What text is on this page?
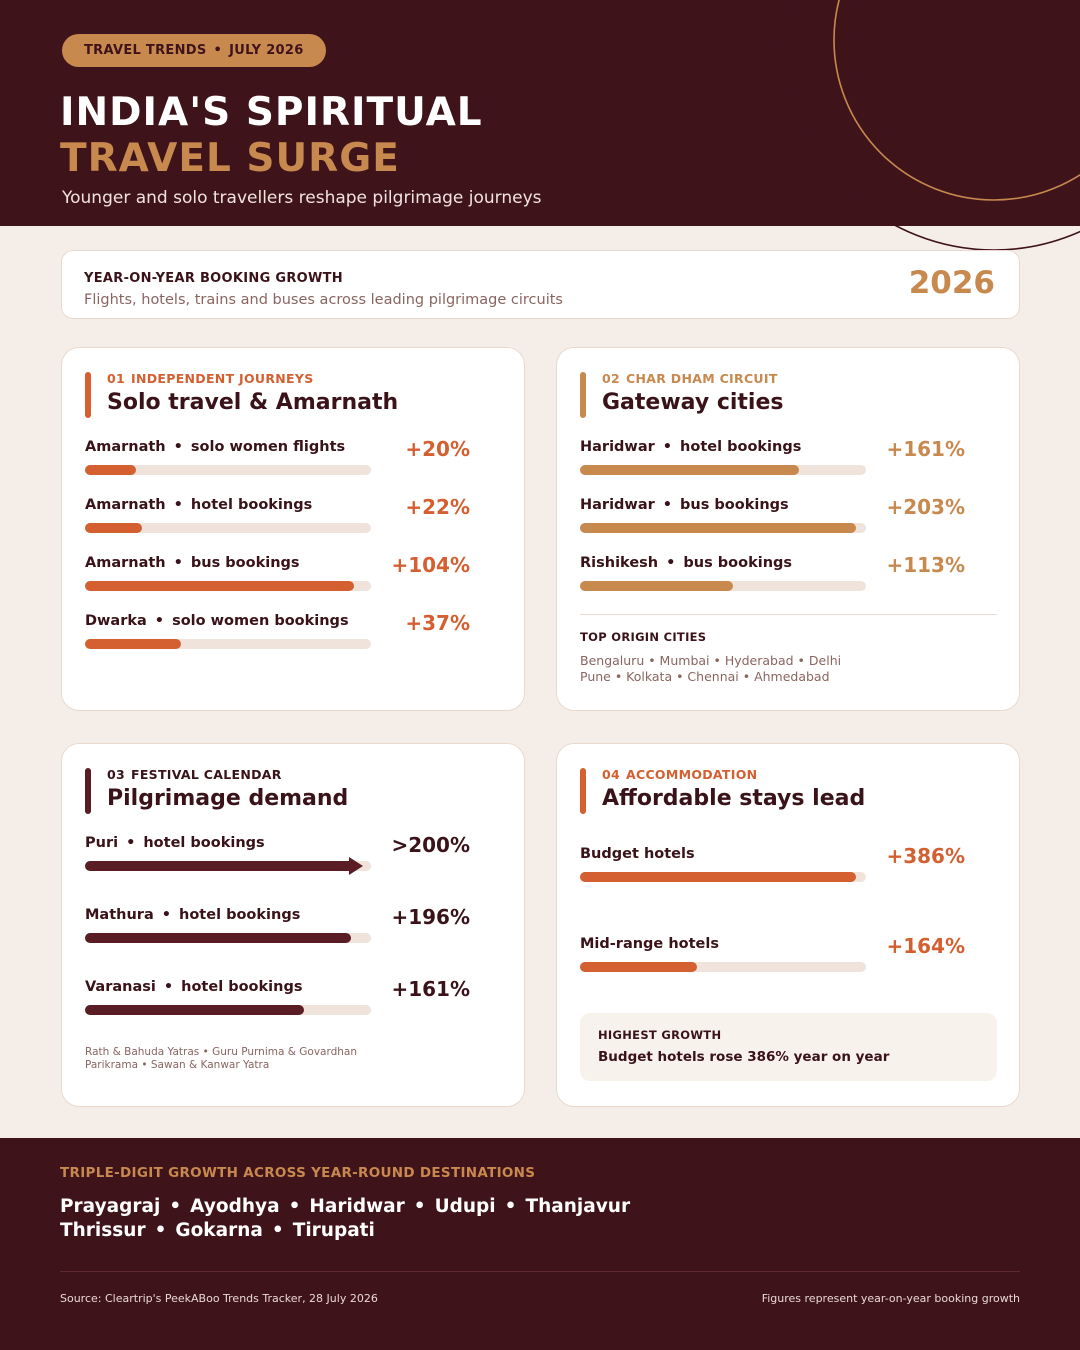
TRAVEL TRENDS • JULY 2026
INDIA'S SPIRITUAL
TRAVEL SURGE
Younger and solo travellers reshape pilgrimage journeys
YEAR-ON-YEAR BOOKING GROWTH
Flights, hotels, trains and buses across leading pilgrimage circuits	2026
01 INDEPENDENT JOURNEYS
Solo travel & Amarnath
Amarnath • solo women flights	+20%
Amarnath • hotel bookings	+22%
Amarnath • bus bookings	+104%
Dwarka • solo women bookings	+37%
02 CHAR DHAM CIRCUIT
Gateway cities
Haridwar • hotel bookings	+161%
Haridwar • bus bookings	+203%
Rishikesh • bus bookings	+113%
TOP ORIGIN CITIES
Bengaluru • Mumbai • Hyderabad • Delhi
Pune • Kolkata • Chennai • Ahmedabad
03 FESTIVAL CALENDAR
Pilgrimage demand
Puri • hotel bookings	>200%
Mathura • hotel bookings	+196%
Varanasi • hotel bookings	+161%
Rath & Bahuda Yatras • Guru Purnima & Govardhan
Parikrama • Sawan & Kanwar Yatra
04 ACCOMMODATION
Affordable stays lead
Budget hotels	+386%
Mid-range hotels	+164%
HIGHEST GROWTH
Budget hotels rose 386% year on year
TRIPLE-DIGIT GROWTH ACROSS YEAR-ROUND DESTINATIONS
Prayagraj • Ayodhya • Haridwar • Udupi • Thanjavur
Thrissur • Gokarna • Tirupati
Source: Cleartrip's PeekABoo Trends Tracker, 28 July 2026	Figures represent year-on-year booking growth
